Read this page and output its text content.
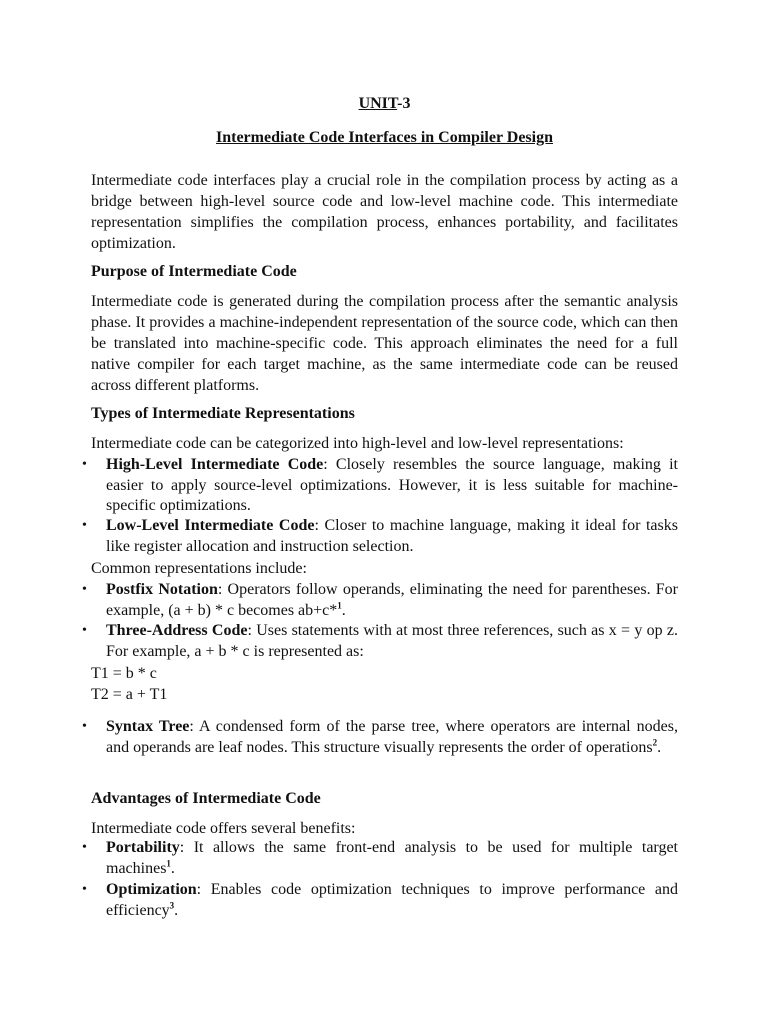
UNIT-3
Intermediate Code Interfaces in Compiler Design

Intermediate code interfaces play a crucial role in the compilation process by acting as a bridge between high-level source code and low-level machine code. This intermediate representation simplifies the compilation process, enhances portability, and facilitates optimization.

Purpose of Intermediate Code

Intermediate code is generated during the compilation process after the semantic analysis phase. It provides a machine-independent representation of the source code, which can then be translated into machine-specific code. This approach eliminates the need for a full native compiler for each target machine, as the same intermediate code can be reused across different platforms.

Types of Intermediate Representations

Intermediate code can be categorized into high-level and low-level representations:

•	High-Level Intermediate Code: Closely resembles the source language, making it easier to apply source-level optimizations. However, it is less suitable for machine-specific optimizations.
•	Low-Level Intermediate Code: Closer to machine language, making it ideal for tasks like register allocation and instruction selection.

Common representations include:

•	Postfix Notation: Operators follow operands, eliminating the need for parentheses. For example, (a + b) * c becomes ab+c*$^1$.
•	Three-Address Code: Uses statements with at most three references, such as x = y op z. For example, a + b * c is represented as:

T1 = b * c

T2 = a + T1

•	Syntax Tree: A condensed form of the parse tree, where operators are internal nodes, and operands are leaf nodes. This structure visually represents the order of operations$^2$.

Advantages of Intermediate Code

Intermediate code offers several benefits:

•	Portability: It allows the same front-end analysis to be used for multiple target machines$^1$.
•	Optimization: Enables code optimization techniques to improve performance and efficiency$^3$.
